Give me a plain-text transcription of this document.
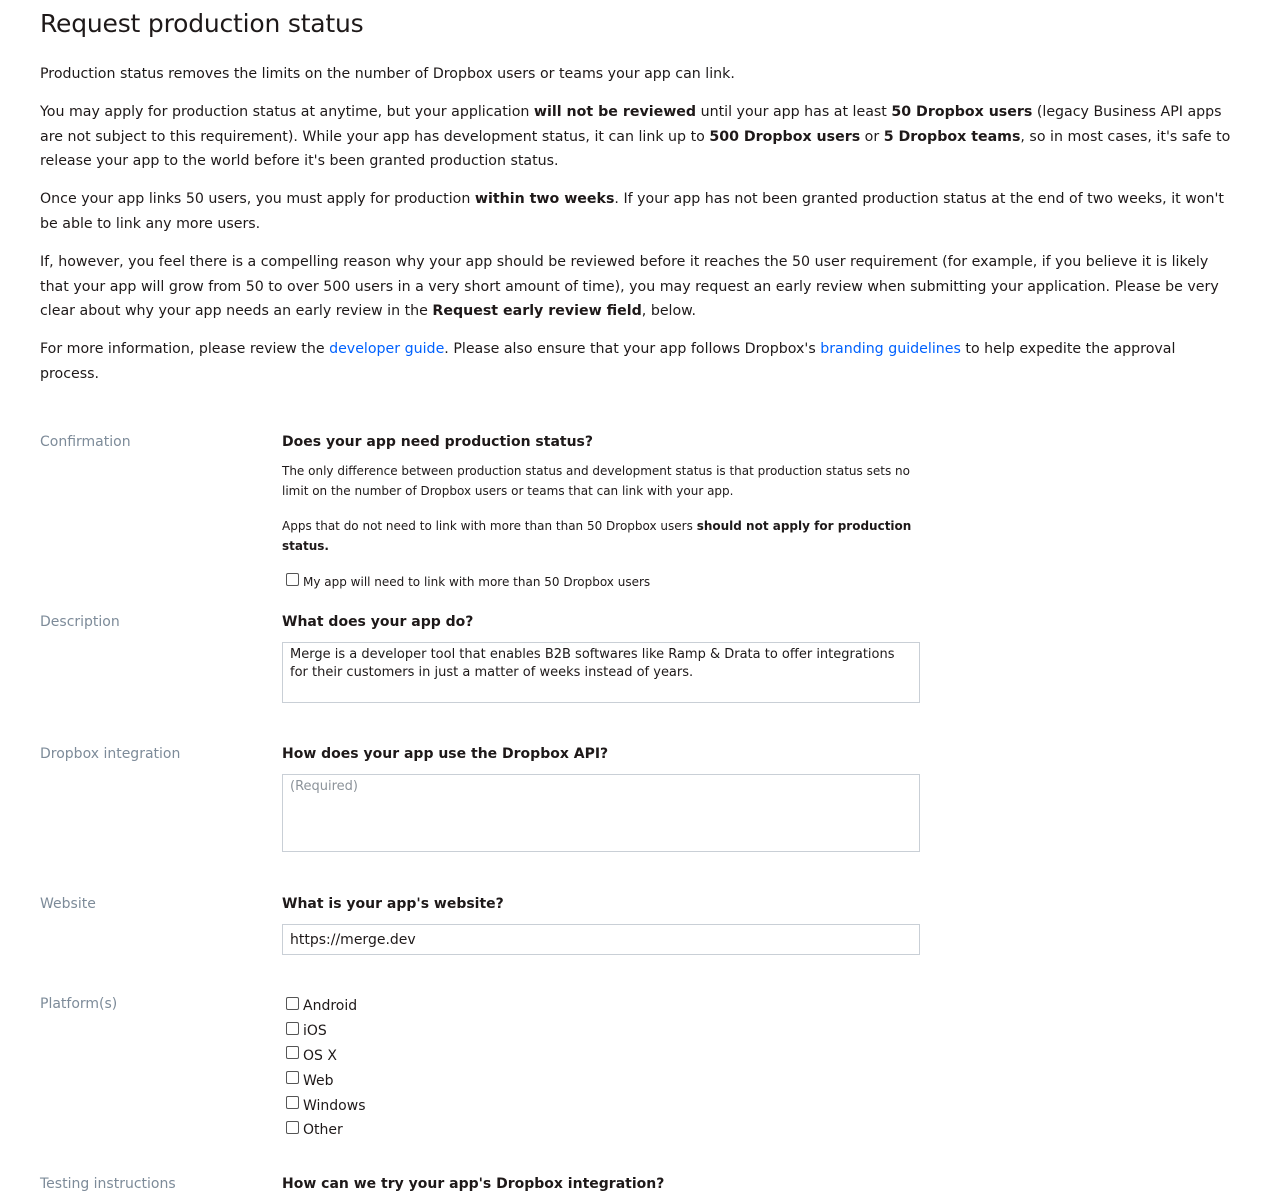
Request production status

Production status removes the limits on the number of Dropbox users or teams your app can link.

You may apply for production status at anytime, but your application will not be reviewed until your app has at least 50 Dropbox users (legacy Business API apps are not subject to this requirement). While your app has development status, it can link up to 500 Dropbox users or 5 Dropbox teams, so in most cases, it's safe to release your app to the world before it's been granted production status.

Once your app links 50 users, you must apply for production within two weeks. If your app has not been granted production status at the end of two weeks, it won't be able to link any more users.

If, however, you feel there is a compelling reason why your app should be reviewed before it reaches the 50 user requirement (for example, if you believe it is likely that your app will grow from 50 to over 500 users in a very short amount of time), you may request an early review when submitting your application. Please be very clear about why your app needs an early review in the Request early review field, below.

For more information, please review the developer guide. Please also ensure that your app follows Dropbox's branding guidelines to help expedite the approval process.

Confirmation	Does your app need production status?
The only difference between production status and development status is that production status sets no limit on the number of Dropbox users or teams that can link with your app.
Apps that do not need to link with more than than 50 Dropbox users should not apply for production status.
My app will need to link with more than 50 Dropbox users
Description	What does your app do?
Merge is a developer tool that enables B2B softwares like Ramp & Drata to offer integrations for their customers in just a matter of weeks instead of years.
Dropbox integration	How does your app use the Dropbox API?
(Required)
Website	What is your app's website?
https://merge.dev
Platform(s)	Android
iOS
OS X
Web
Windows
Other
Testing instructions	How can we try your app's Dropbox integration?
